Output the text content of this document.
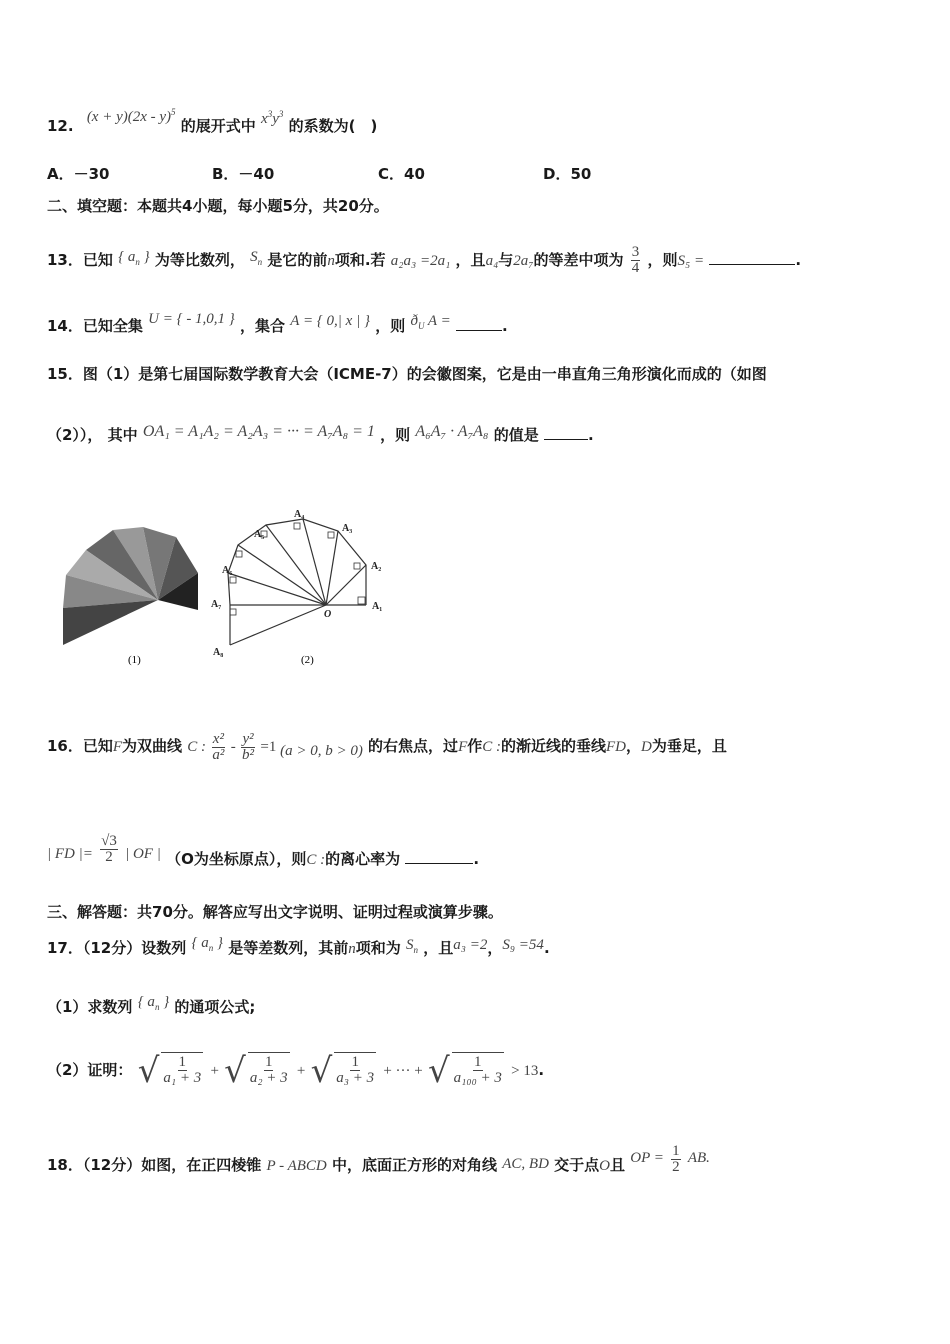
12. (x + y)(2x - y)$^5$ 的展开式中 $x^3y^3$ 的系数为(　)
A．－30	B．－40	C．40	D．50
二、填空题：本题共4小题，每小题5分，共20分。
13．已知 { $a_n$ } 为等比数列， $S_n$ 是它的前n项和.若 a₂a₃ =2a₁ ，且a₄与2a₇的等差中项为 $\frac{3}{4}$ ，则S₅ =	.
14．已知全集 U = { - 1,0,1 } ，集合 A = { 0,| x | } ，则 $ð_U$ A =	.
15．图（1）是第七届国际数学教育大会（ICME-7）的会徽图案，它是由一串直角三角形演化而成的（如图
（2））， 其中 OA₁ = A₁A₂ = A₂A₃ = ··· = A₇A₈ = 1 ，则 A₆A₇ · A₇A₈ 的值是	.
(1)
A₁
A₂
A₃
A₄
A₅
A₆
A₇
A₈
O
(2)
16．已知F为双曲线 C : $\frac{\text{x²}}{\text{a²}} - \frac{\text{y²}}{\text{b²}} =1$ (a > 0, b > 0) 的右焦点，过F作C :的渐近线的垂线FD，D为垂足，且
| FD |= $\frac{√3}{2}$ | OF | （O为坐标原点），则C :的离心率为	.
三、解答题：共70分。解答应写出文字说明、证明过程或演算步骤。
17．（12分）设数列 { $a_n$ } 是等差数列，其前n项和为 $S_n$ ，且a₃ =2，S₉ =54.
（1）求数列 { $a_n$ } 的通项公式;
（2）证明： √ $\frac{1}{\text{a₁ + 3}}$ + √ $\frac{1}{\text{a₂ + 3}}$ + √ $\frac{1}{\text{a₃ + 3}}$ + ··· + √ $\frac{1}{\text{a₁₀₀ + 3}} > 13$.
18．（12分）如图，在正四棱锥 P - ABCD 中，底面正方形的对角线 AC, BD 交于点O且 OP = $\frac{1}{2}$ AB.
